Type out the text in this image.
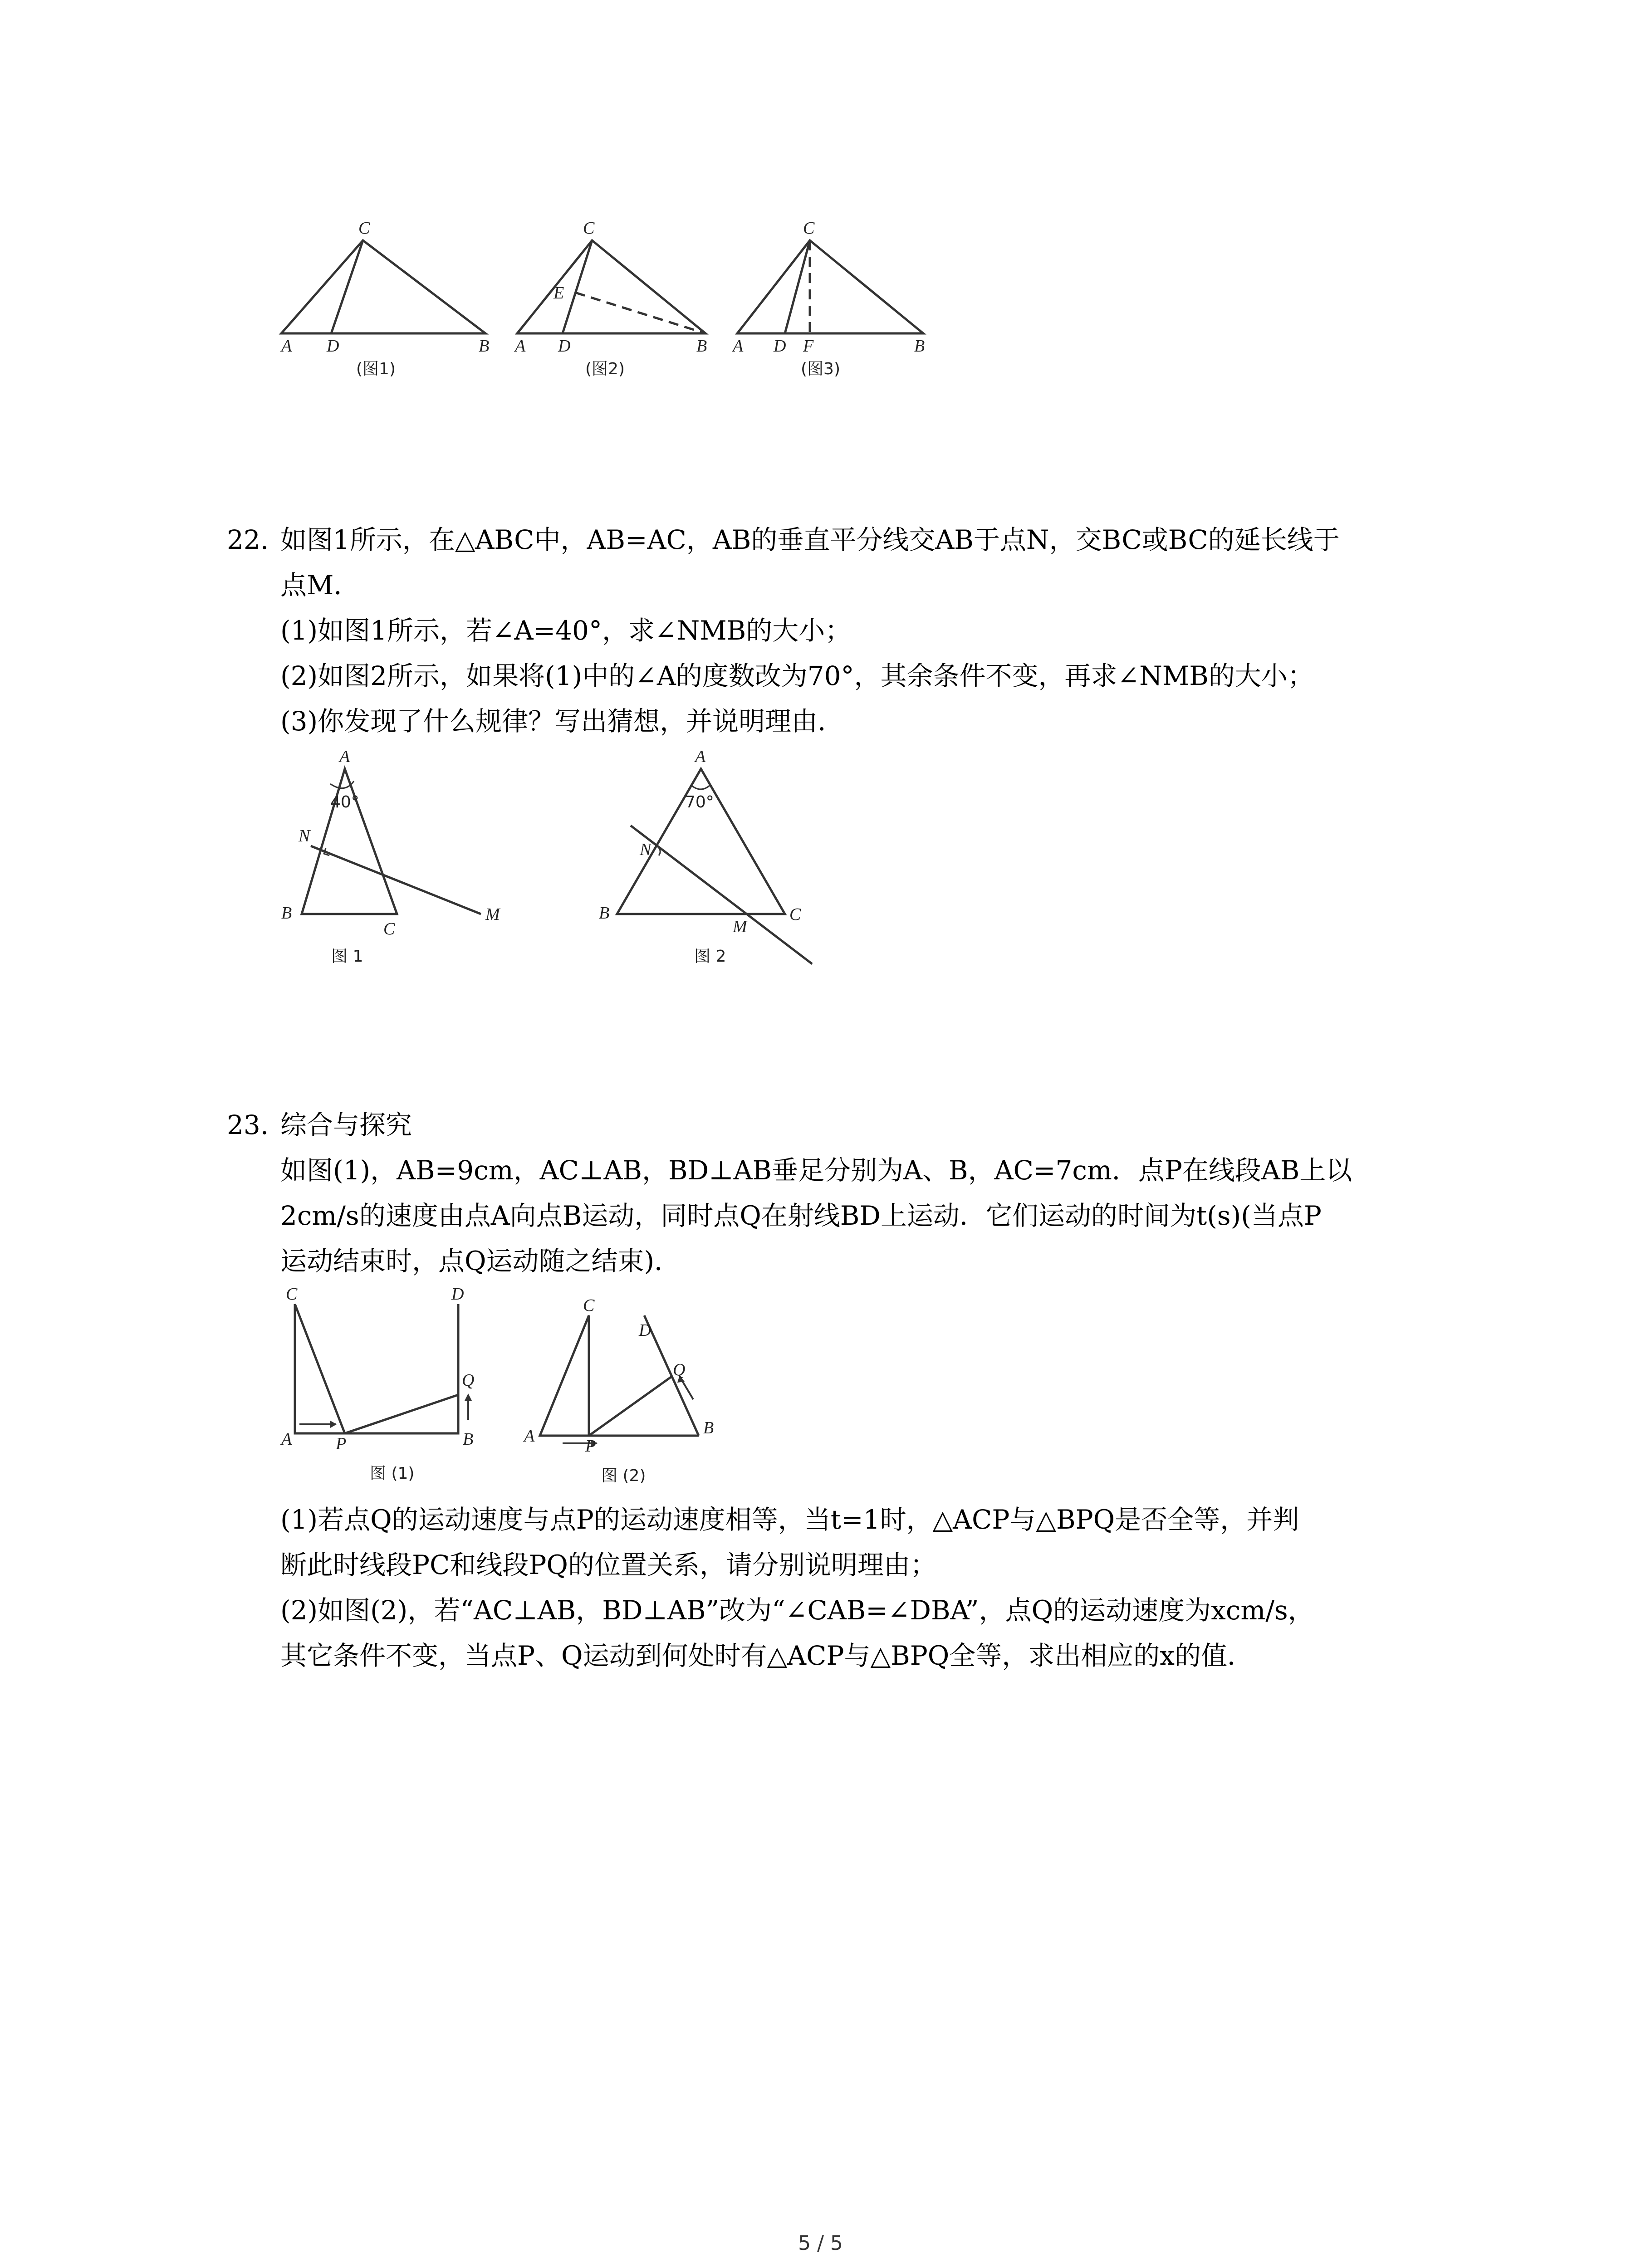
C
A D	B
(图1)
C
E
A D	B
(图2)
C
A D F	B
(图3)
22. 如图1所示，在△ABC中，AB=AC，AB的垂直平分线交AB于点N，交BC或BC的延长线于
点M．
(1)如图1所示，若∠A=40°，求∠NMB的大小；
(2)如图2所示，如果将(1)中的∠A的度数改为70°，其余条件不变，再求∠NMB的大小；
(3)你发现了什么规律？写出猜想，并说明理由．
A
N
40°
B
C
M
图 1
A
N
70°
B	C
M
图 2
23. 综合与探究
如图(1)，AB=9cm，AC⊥AB，BD⊥AB垂足分别为A、B，AC=7cm．点P在线段AB上以
2cm/s的速度由点A向点B运动，同时点Q在射线BD上运动．它们运动的时间为t(s)(当点P
运动结束时，点Q运动随之结束)．
C	D
Q
A	P	B
图 (1)
C
D
Q
A
P
B
图 (2)
(1)若点Q的运动速度与点P的运动速度相等，当t=1时，△ACP与△BPQ是否全等，并判
断此时线段PC和线段PQ的位置关系，请分别说明理由；
(2)如图(2)，若“AC⊥AB，BD⊥AB”改为“∠CAB=∠DBA”，点Q的运动速度为xcm/s，
其它条件不变，当点P、Q运动到何处时有△ACP与△BPQ全等，求出相应的x的值．
5 / 5
